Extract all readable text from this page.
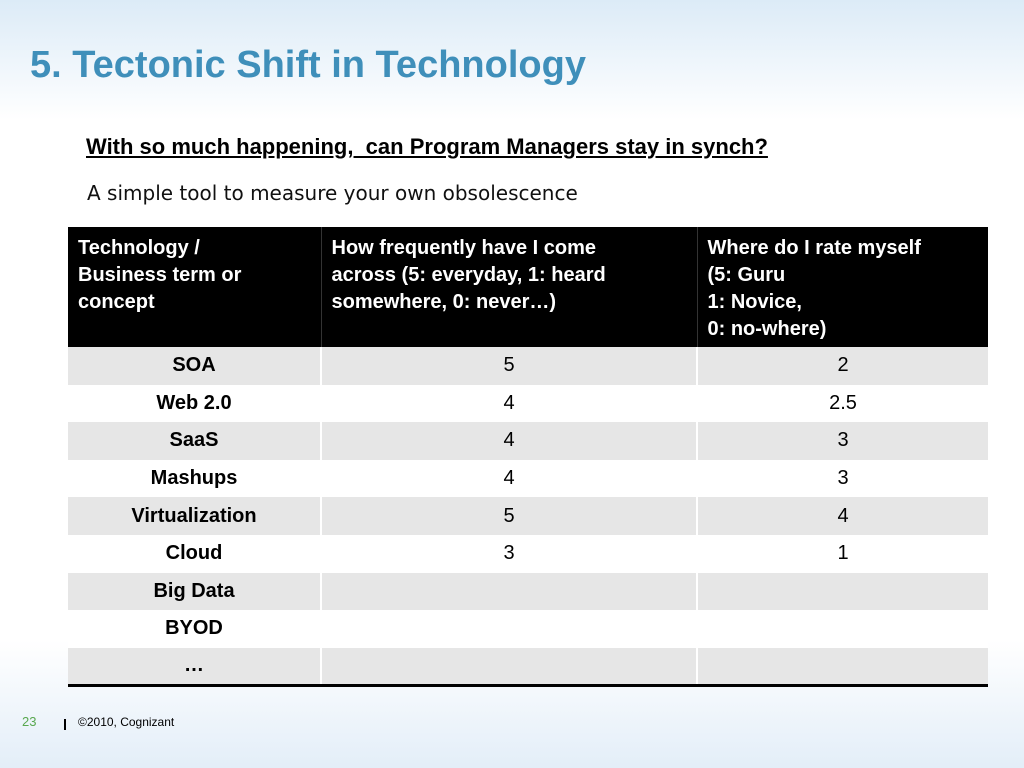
5. Tectonic Shift in Technology
With so much happening,  can Program Managers stay in synch?
A simple tool to measure your own obsolescence
Technology /
Business term or
concept	How frequently have I come
across (5: everyday, 1: heard
somewhere, 0: never…)	Where do I rate myself
(5: Guru
1: Novice,
0: no-where)
SOA	5	2
Web 2.0	4	2.5
SaaS	4	3
Mashups	4	3
Virtualization	5	4
Cloud	3	1
Big Data		
BYOD		
…		
23	©2010, Cognizant
